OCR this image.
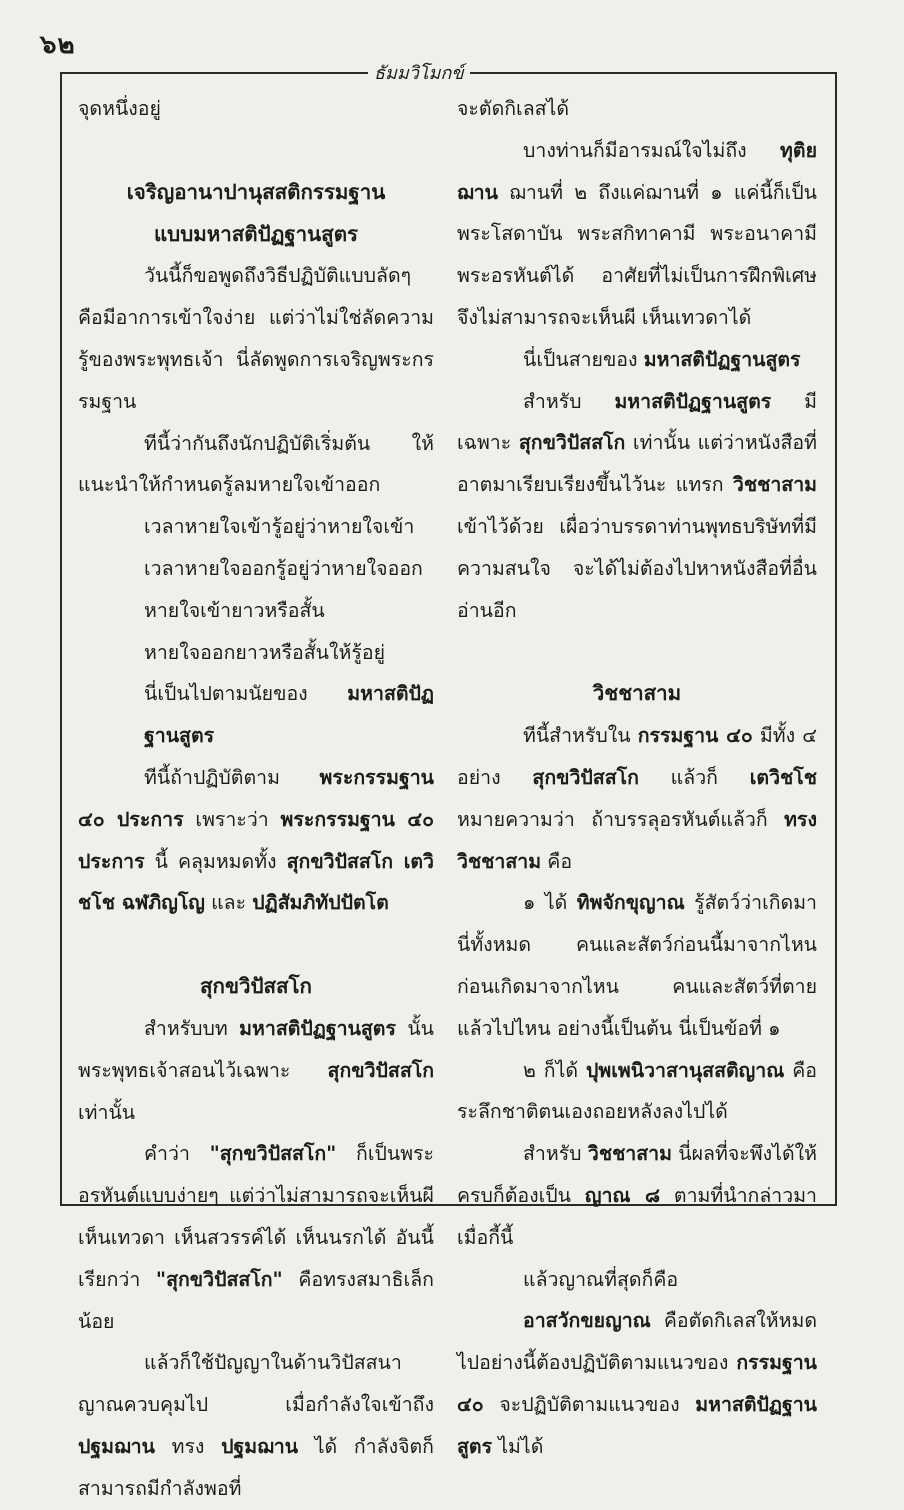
๖๒
ธัมมวิโมกข์

จุดหนึ่งอยู่

เจริญอานาปานุสสติกรรมฐาน

แบบมหาสติปัฏฐานสูตร

วันนี้ก็ขอพูดถึงวิธีปฏิบัติแบบลัดๆ คือมีอาการเข้าใจง่าย แต่ว่าไม่ใช่ลัดความรู้ของพระพุทธเจ้า นี่ลัดพูดการเจริญพระกรรมฐาน

ทีนี้ว่ากันถึงนักปฏิบัติเริ่มต้น ให้แนะนำให้กำหนดรู้ลมหายใจเข้าออก

เวลาหายใจเข้ารู้อยู่ว่าหายใจเข้า

เวลาหายใจออกรู้อยู่ว่าหายใจออก

หายใจเข้ายาวหรือสั้น

หายใจออกยาวหรือสั้นให้รู้อยู่

นี่เป็นไปตามนัยของ มหาสติปัฏฐานสูตร

ทีนี้ถ้าปฏิบัติตาม พระกรรมฐาน ๔๐ ประการ เพราะว่า พระกรรมฐาน ๔๐ ประการ นี้ คลุมหมดทั้ง สุกขวิปัสสโก เตวิชโช ฉฬภิญโญ และ ปฏิสัมภิทัปปัตโต

สุกขวิปัสสโก

สำหรับบท มหาสติปัฏฐานสูตร นั้น พระพุทธเจ้าสอนไว้เฉพาะ สุกขวิปัสสโก เท่านั้น

คำว่า "สุกขวิปัสสโก" ก็เป็นพระอรหันต์แบบง่ายๆ แต่ว่าไม่สามารถจะเห็นผี เห็นเทวดา เห็นสวรรค์ได้ เห็นนรกได้ อันนี้เรียกว่า "สุกขวิปัสสโก" คือทรงสมาธิเล็กน้อย

แล้วก็ใช้ปัญญาในด้านวิปัสสนาญาณควบคุมไป เมื่อกำลังใจเข้าถึง ปฐมฌาน ทรง ปฐมฌาน ได้ กำลังจิตก็สามารถมีกำลังพอที่

จะตัดกิเลสได้

บางท่านก็มีอารมณ์ใจไม่ถึง ทุติยฌาน ฌานที่ ๒ ถึงแค่ฌานที่ ๑ แค่นี้ก็เป็นพระโสดาบัน พระสกิทาคามี พระอนาคามี พระอรหันต์ได้ อาศัยที่ไม่เป็นการฝึกพิเศษ จึงไม่สามารถจะเห็นผี เห็นเทวดาได้

นี่เป็นสายของ มหาสติปัฏฐานสูตร

สำหรับ มหาสติปัฏฐานสูตร มีเฉพาะ สุกขวิปัสสโก เท่านั้น แต่ว่าหนังสือที่อาตมาเรียบเรียงขึ้นไว้นะ แทรก วิชชาสาม เข้าไว้ด้วย เผื่อว่าบรรดาท่านพุทธบริษัทที่มีความสนใจ จะได้ไม่ต้องไปหาหนังสือที่อื่นอ่านอีก

วิชชาสาม

ทีนี้สำหรับใน กรรมฐาน ๔๐ มีทั้ง ๔ อย่าง สุกขวิปัสสโก แล้วก็ เตวิชโช หมายความว่า ถ้าบรรลุอรหันต์แล้วก็ ทรงวิชชาสาม คือ

๑ ได้ ทิพจักขุญาณ รู้สัตว์ว่าเกิดมานี่ทั้งหมด คนและสัตว์ก่อนนี้มาจากไหน ก่อนเกิดมาจากไหน คนและสัตว์ที่ตายแล้วไปไหน อย่างนี้เป็นต้น นี่เป็นข้อที่ ๑

๒ ก็ได้ ปุพเพนิวาสานุสสติญาณ คือระลึกชาติตนเองถอยหลังลงไปได้

สำหรับ วิชชาสาม นี่ผลที่จะพึงได้ให้ครบก็ต้องเป็น ญาณ ๘ ตามที่นำกล่าวมาเมื่อกี้นี้

แล้วญาณที่สุดก็คือ

อาสวักขยญาณ คือตัดกิเลสให้หมดไปอย่างนี้ต้องปฏิบัติตามแนวของ กรรมฐาน ๔๐ จะปฏิบัติตามแนวของ มหาสติปัฏฐานสูตร ไม่ได้
